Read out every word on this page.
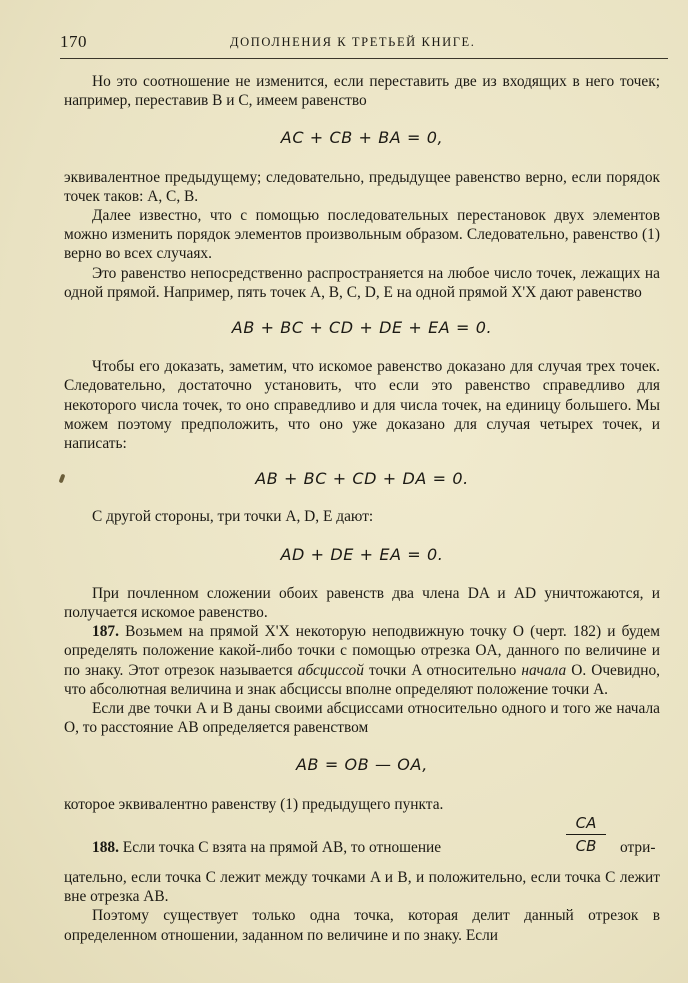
170	ДОПОЛНЕНИЯ К ТРЕТЬЕЙ КНИГЕ.

Но это соотношение не изменится, если переставить две из входящих в него точек; например, переставив B и C, имеем равенство

AC + CB + BA = 0,

эквивалентное предыдущему; следовательно, предыдущее равенство верно, если порядок точек таков: A, C, B.

Далее известно, что с помощью последовательных перестановок двух элементов можно изменить порядок элементов произвольным образом. Следовательно, равенство (1) верно во всех случаях.

Это равенство непосредственно распространяется на любое число точек, лежащих на одной прямой. Например, пять точек A, B, C, D, E на одной прямой X'X дают равенство

AB + BC + CD + DE + EA = 0.

Чтобы его доказать, заметим, что искомое равенство доказано для случая трех точек. Следовательно, достаточно установить, что если это равенство справедливо для некоторого числа точек, то оно справедливо и для числа точек, на единицу большего. Мы можем поэтому предположить, что оно уже доказано для случая четырех точек, и написать:

AB + BC + CD + DA = 0.

С другой стороны, три точки A, D, E дают:

AD + DE + EA = 0.

При почленном сложении обоих равенств два члена DA и AD уничтожаются, и получается искомое равенство.

187. Возьмем на прямой X'X некоторую неподвижную точку O (черт. 182) и будем определять положение какой-либо точки с помощью отрезка OA, данного по величине и по знаку. Этот отрезок называется абсциссой точки A относительно начала O. Очевидно, что абсолютная величина и знак абсциссы вполне определяют положение точки A.

Если две точки A и B даны своими абсциссами относительно одного и того же начала O, то расстояние AB определяется равенством

AB = OB — OA,

которое эквивалентно равенству (1) предыдущего пункта.

188. Если точка C взята на прямой AB, то отношение	$\frac{CA}{CB}$ отри-

цательно, если точка C лежит между точками A и B, и положительно, если точка C лежит вне отрезка AB.

Поэтому существует только одна точка, которая делит данный отрезок в определенном отношении, заданном по величине и по знаку. Если
